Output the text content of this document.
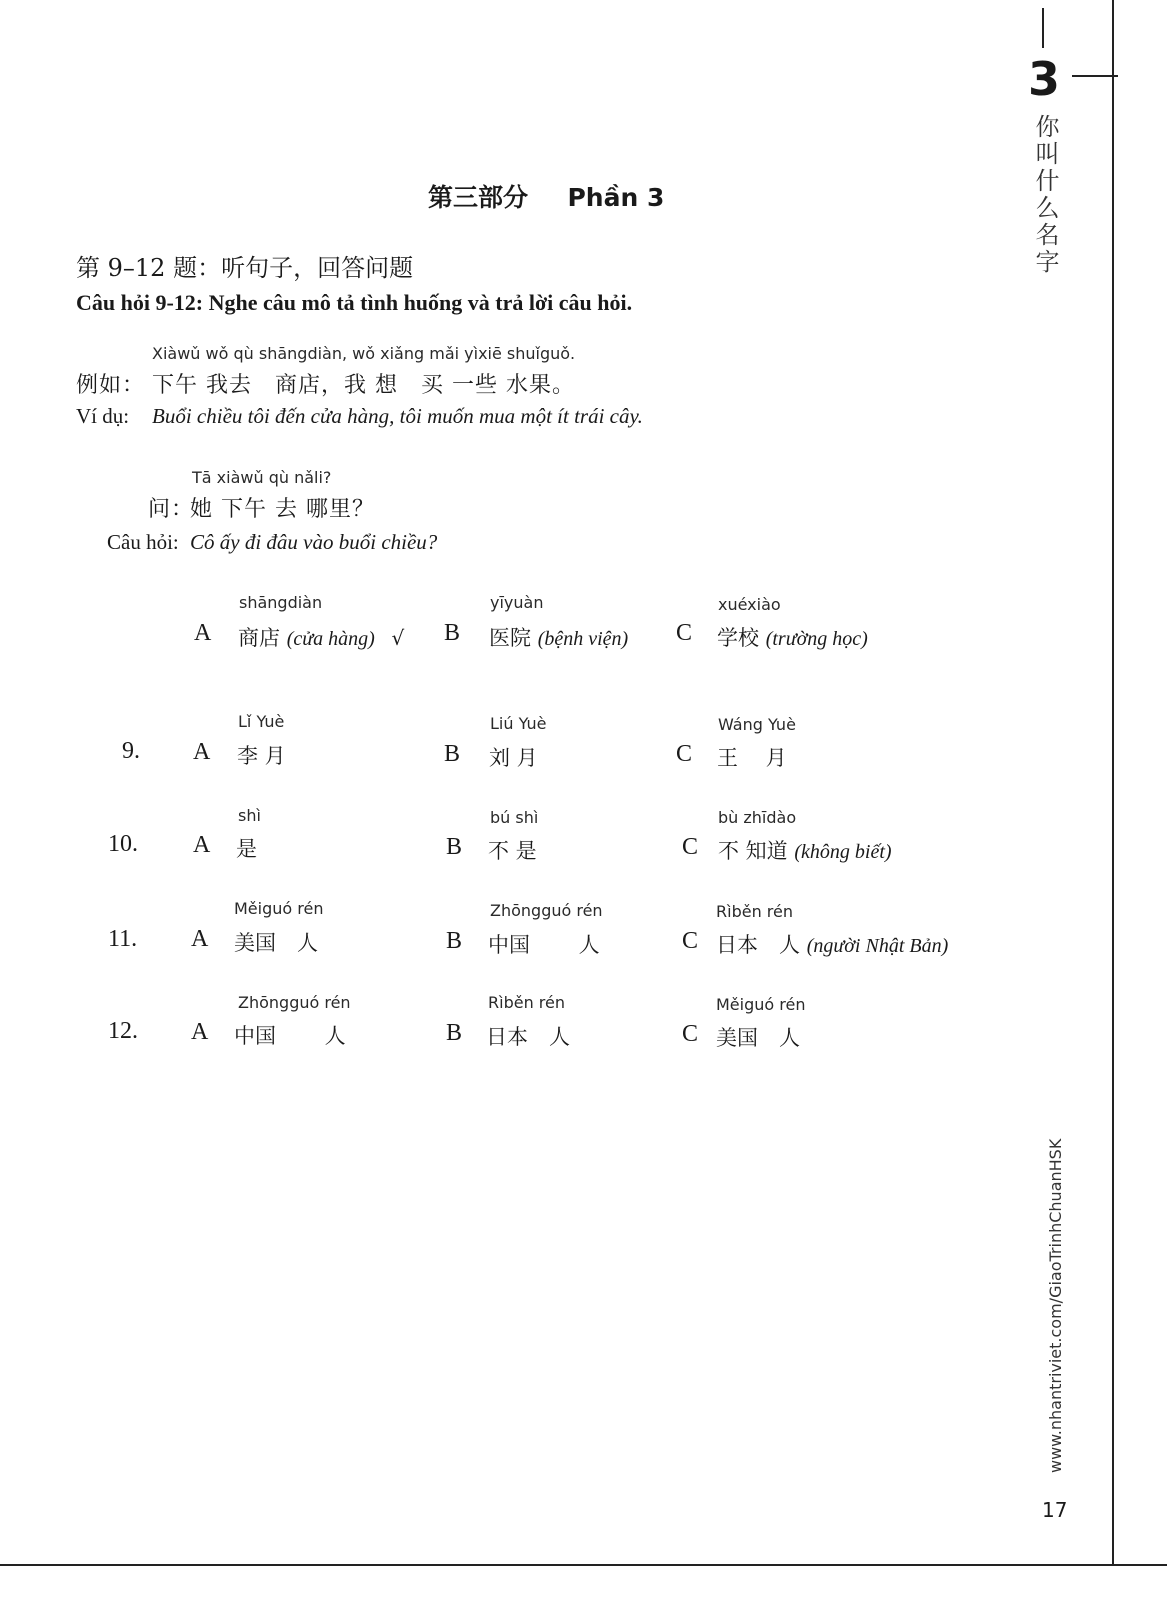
3
你叫什么名字
www.nhantriviet.com/GiaoTrinhChuanHSK
17
第三部分 Phần 3
第 9–12 题：听句子，回答问题
Câu hỏi 9-12: Nghe câu mô tả tình huống và trả lời câu hỏi.
Xiàwǔ wǒ qù shāngdiàn, wǒ xiǎng mǎi yìxiē shuǐguǒ.
例如： 下午 我去　商店，我 想　买 一些 水果。
Ví dụ: Buổi chiều tôi đến cửa hàng, tôi muốn mua một ít trái cây.
Tā xiàwǔ qù nǎli?
问：
她 下午 去 哪里？
Câu hỏi: Cô ấy đi đâu vào buổi chiều?
shāngdiàn
A 商店 (cửa hàng) √
yīyuàn
B 医院 (bệnh viện)
xuéxiào
C 学校 (trường học)
9.
Lǐ Yuè
A 李 月
Liú Yuè
B 刘 月
Wáng Yuè
C 王　 月
10.
shì
A 是
bú shì
B 不 是
bù zhīdào
C 不 知道 (không biết)
11.
Měiguó rén
A 美国　人
Zhōngguó rén
B 中国　　 人
Rìběn rén
C 日本　人 (người Nhật Bản)
12.
Zhōngguó rén
A 中国　　 人
Rìběn rén
B 日本　人
Měiguó rén
C 美国　人
